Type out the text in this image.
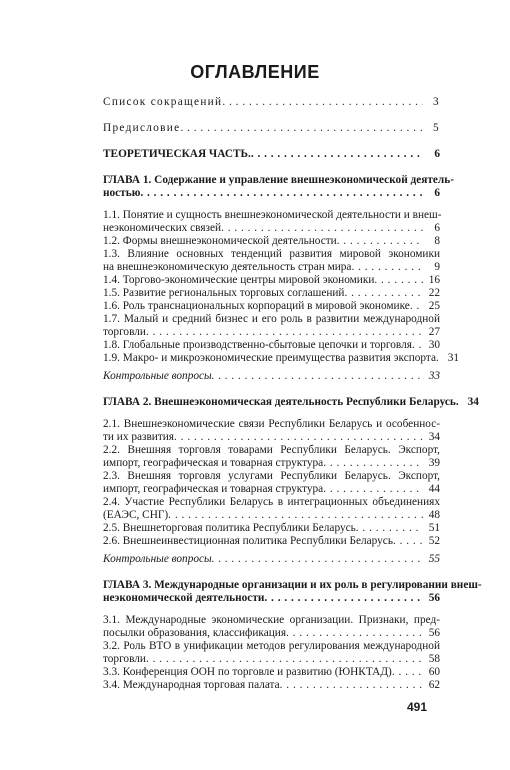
ОГЛАВЛЕНИЕ
Список сокращений . . .	3
Предисловие . . .	5
ТЕОРЕТИЧЕСКАЯ ЧАСТЬ. . . .	6
ГЛАВА 1. Содержание и управление внешнеэкономической деятель-
ностью . . .	6
1.1. Понятие и сущность внешнеэкономической деятельности и внеш-
неэкономических связей . . .	6
1.2. Формы внешнеэкономической деятельности . . .	8
1.3. Влияние основных тенденций развития мировой экономики
на внешнеэкономическую деятельность стран мира . . .	9
1.4. Торгово-экономические центры мировой экономики . . .	16
1.5. Развитие региональных торговых соглашений . . .	22
1.6. Роль транснациональных корпораций в мировой экономике . . .	25
1.7. Малый и средний бизнес и его роль в развитии международной
торговли . . .	27
1.8. Глобальные производственно-сбытовые цепочки и торговля . . .	30
1.9. Макро- и микроэкономические преимущества развития экспорта . . .	31
Контрольные вопросы . . .	33
ГЛАВА 2. Внешнеэкономическая деятельность Республики Беларусь . . .	34
2.1. Внешнеэкономические связи Республики Беларусь и особеннос-
ти их развития . . .	34
2.2. Внешняя торговля товарами Республики Беларусь. Экспорт,
импорт, географическая и товарная структура . . .	39
2.3. Внешняя торговля услугами Республики Беларусь. Экспорт,
импорт, географическая и товарная структура . . .	44
2.4. Участие Республики Беларусь в интеграционных объединениях
(ЕАЭС, СНГ) . . .	48
2.5. Внешнеторговая политика Республики Беларусь . . .	51
2.6. Внешнеинвестиционная политика Республики Беларусь . . .	52
Контрольные вопросы . . .	55
ГЛАВА 3. Международные организации и их роль в регулировании внеш-
неэкономической деятельности . . .	56
3.1. Международные экономические организации. Признаки, пред-
посылки образования, классификация . . .	56
3.2. Роль ВТО в унификации методов регулирования международной
торговли . . .	58
3.3. Конференция ООН по торговле и развитию (ЮНКТАД) . . .	60
3.4. Международная торговая палата . . .	62
491
